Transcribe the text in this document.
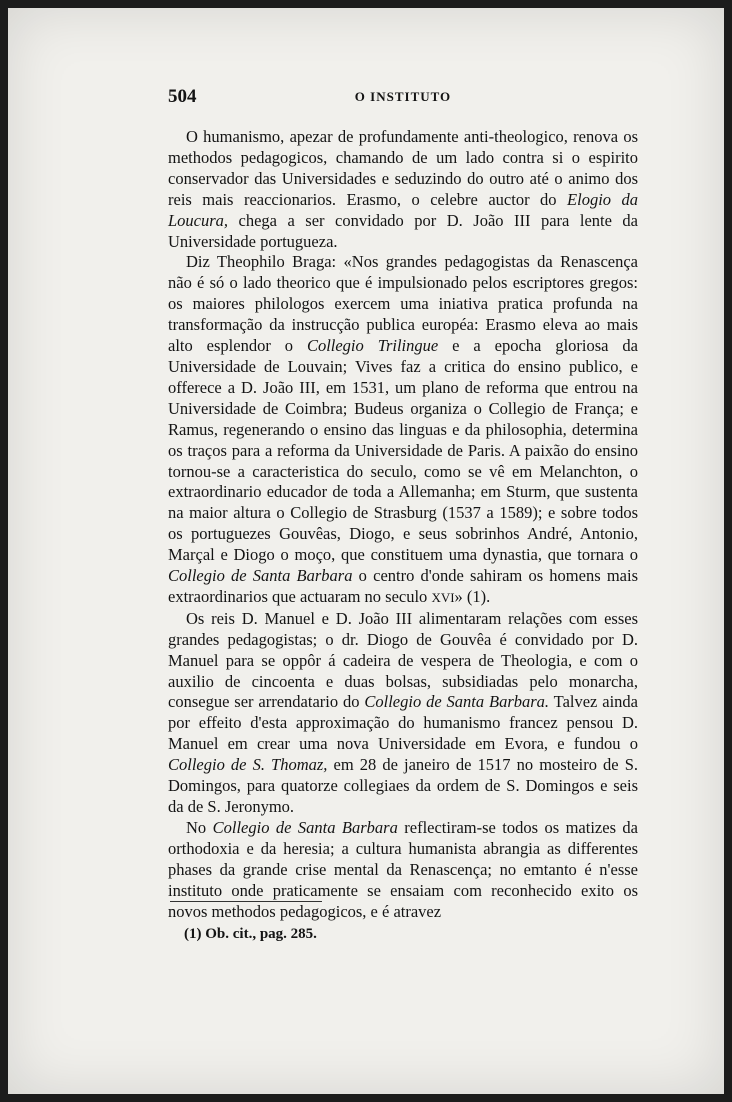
504	O INSTITUTO

O humanismo, apezar de profundamente anti-theologico, renova os methodos pedagogicos, chamando de um lado contra si o espirito conservador das Universidades e seduzindo do outro até o animo dos reis mais reaccionarios. Erasmo, o celebre auctor do Elogio da Loucura, chega a ser convidado por D. João III para lente da Universidade portugueza.

Diz Theophilo Braga: «Nos grandes pedagogistas da Renascença não é só o lado theorico que é impulsionado pelos escriptores gregos: os maiores philologos exercem uma iniativa pratica profunda na transformação da instrucção publica européa: Erasmo eleva ao mais alto esplendor o Collegio Trilingue e a epocha gloriosa da Universidade de Louvain; Vives faz a critica do ensino publico, e offerece a D. João III, em 1531, um plano de reforma que entrou na Universidade de Coimbra; Budeus organiza o Collegio de França; e Ramus, regenerando o ensino das linguas e da philosophia, determina os traços para a reforma da Universidade de Paris. A paixão do ensino tornou-se a caracteristica do seculo, como se vê em Melanchton, o extraordinario educador de toda a Allemanha; em Sturm, que sustenta na maior altura o Collegio de Strasburg (1537 a 1589); e sobre todos os portuguezes Gouvêas, Diogo, e seus sobrinhos André, Antonio, Marçal e Diogo o moço, que constituem uma dynastia, que tornara o Collegio de Santa Barbara o centro d'onde sahiram os homens mais extraordinarios que actuaram no seculo XVI» (1).

Os reis D. Manuel e D. João III alimentaram relações com esses grandes pedagogistas; o dr. Diogo de Gouvêa é convidado por D. Manuel para se oppôr á cadeira de vespera de Theologia, e com o auxilio de cincoenta e duas bolsas, subsidiadas pelo monarcha, consegue ser arrendatario do Collegio de Santa Barbara. Talvez ainda por effeito d'esta approximação do humanismo francez pensou D. Manuel em crear uma nova Universidade em Evora, e fundou o Collegio de S. Thomaz, em 28 de janeiro de 1517 no mosteiro de S. Domingos, para quatorze collegiaes da ordem de S. Domingos e seis da de S. Jeronymo.

No Collegio de Santa Barbara reflectiram-se todos os matizes da orthodoxia e da heresia; a cultura humanista abrangia as differentes phases da grande crise mental da Renascença; no emtanto é n'esse instituto onde praticamente se ensaiam com reconhecido exito os novos methodos pedagogicos, e é atravez

(1) Ob. cit., pag. 285.
